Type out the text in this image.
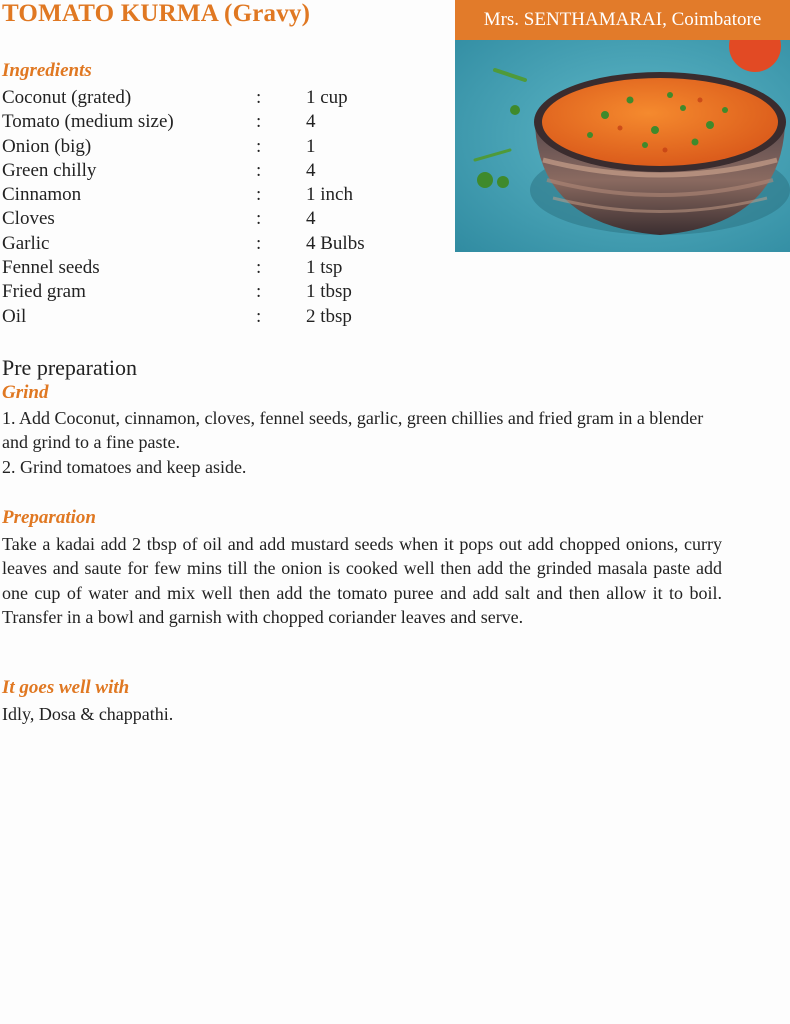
TOMATO KURMA (Gravy)	Mrs. SENTHAMARAI, Coimbatore
Ingredients
Coconut (grated)	: 1 cup
Tomato (medium size)	: 4
Onion (big)	: 1
Green chilly	: 4
Cinnamon	: 1 inch
Cloves	: 4
Garlic	: 4 Bulbs
Fennel seeds	: 1 tsp
Fried gram	: 1 tbsp
Oil	: 2 tbsp
Pre preparation
Grind

1. Add Coconut, cinnamon, cloves, fennel seeds, garlic, green chillies and fried gram in a blender and grind to a fine paste.

2. Grind tomatoes and keep aside.

Preparation

Take a kadai add 2 tbsp of oil and add mustard seeds when it pops out add chopped onions, curry leaves and saute for few mins till the onion is cooked well then add the grinded masala paste add one cup of water and mix well then add the tomato puree and add salt and then allow it to boil. Transfer in a bowl and garnish with chopped coriander leaves and serve.

It goes well with

Idly, Dosa & chappathi.
